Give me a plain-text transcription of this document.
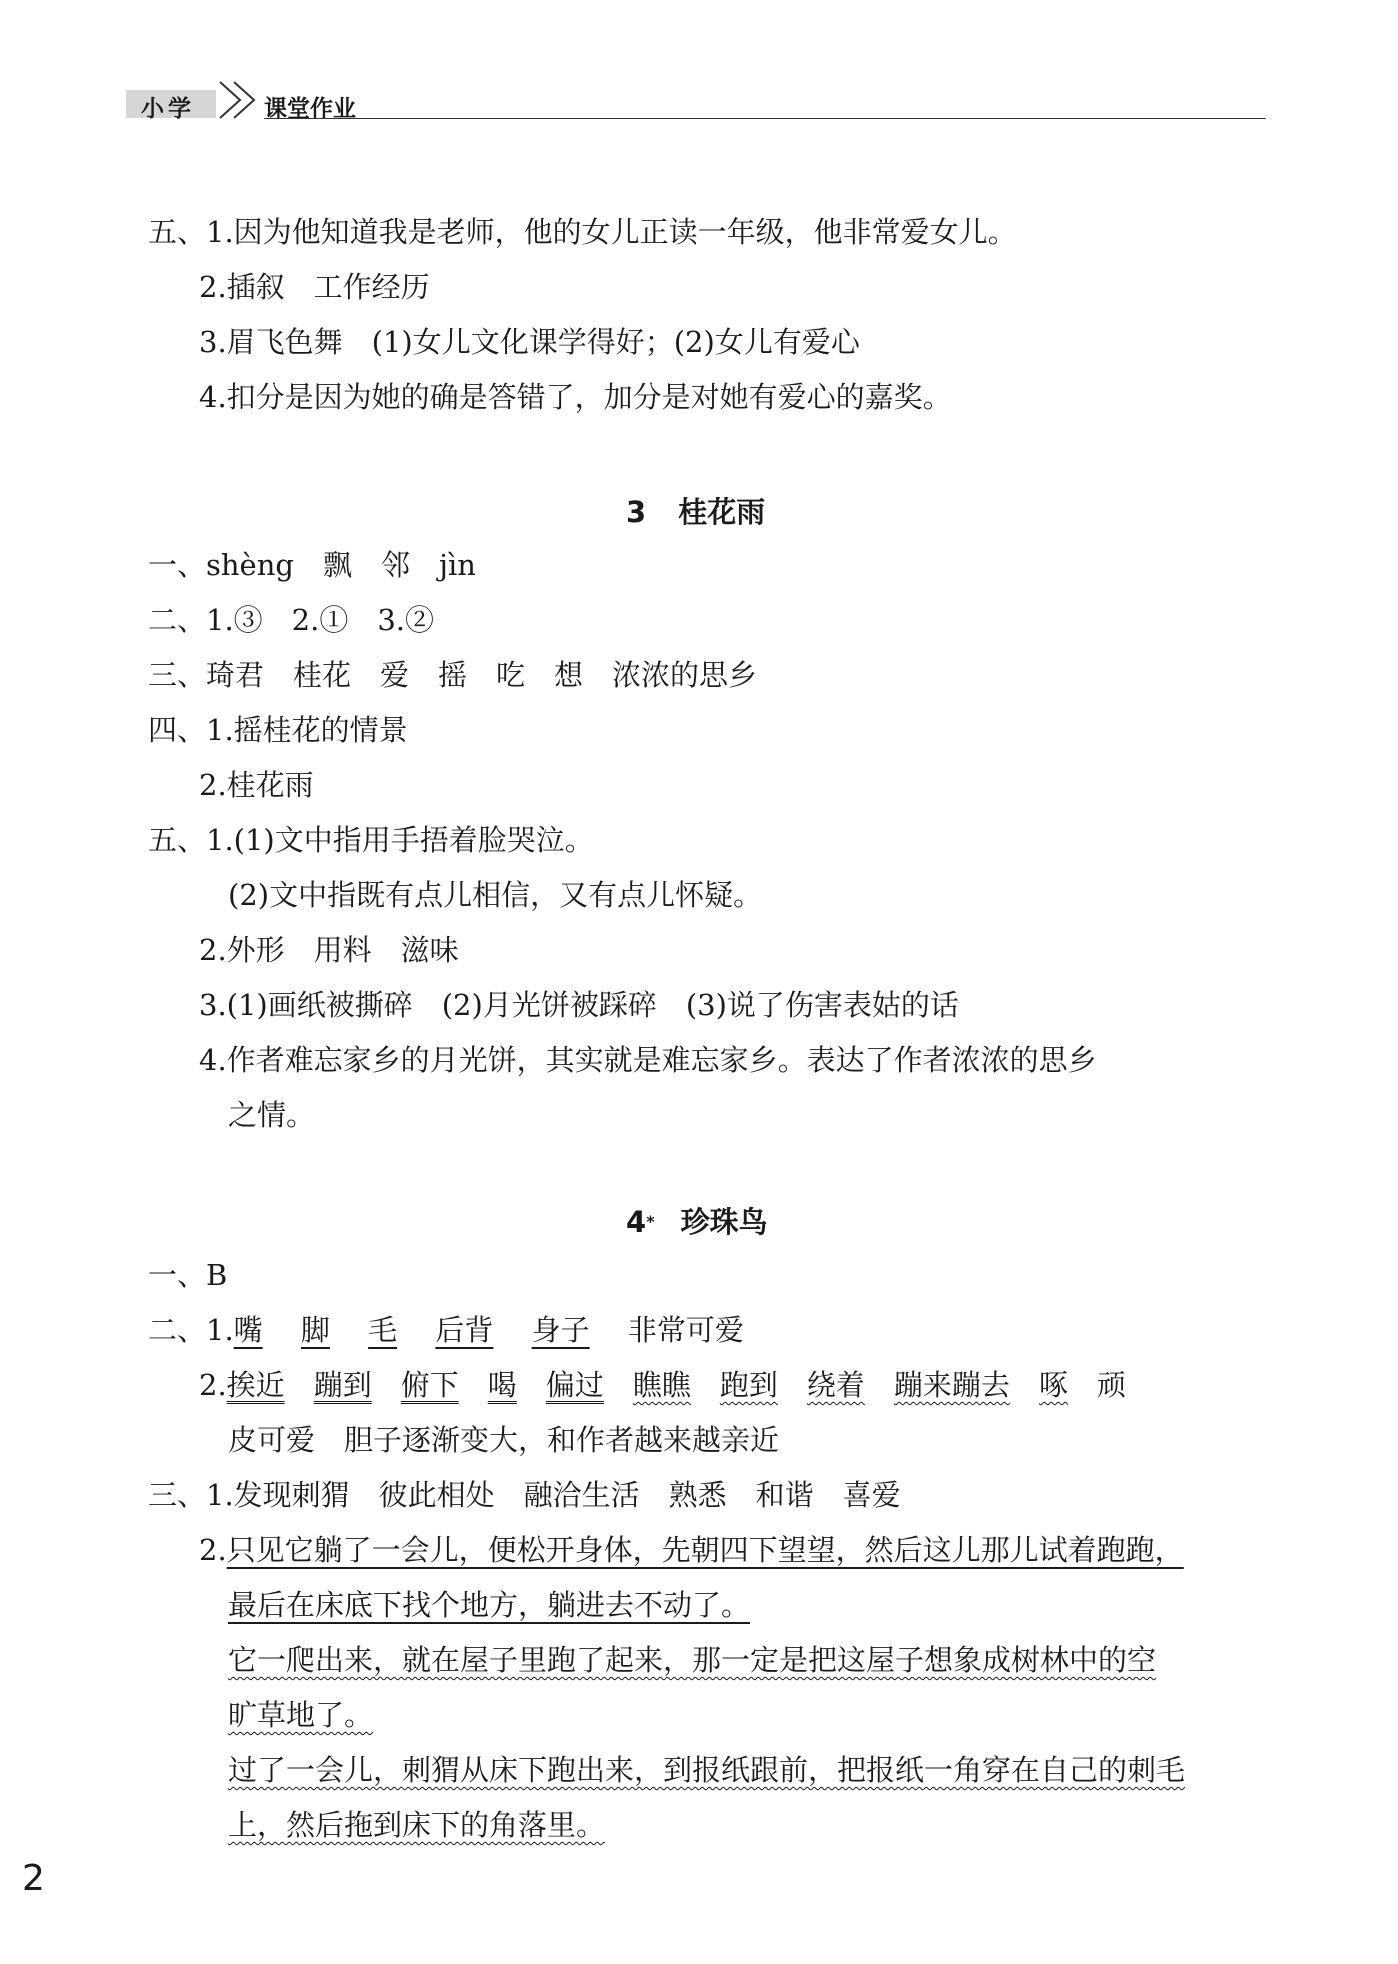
小学	课堂作业
五、1.因为他知道我是老师，他的女儿正读一年级，他非常爱女儿。
2.插叙　工作经历
3.眉飞色舞　(1)女儿文化课学得好；(2)女儿有爱心
4.扣分是因为她的确是答错了，加分是对她有爱心的嘉奖。
3 桂花雨
一、shèng　飘　邻　jìn
二、1.③　2.①　3.②
三、琦君　桂花　爱　摇　吃　想　浓浓的思乡
四、1.摇桂花的情景
2.桂花雨
五、1.(1)文中指用手捂着脸哭泣。
(2)文中指既有点儿相信，又有点儿怀疑。
2.外形　用料　滋味
3.(1)画纸被撕碎　(2)月光饼被踩碎　(3)说了伤害表姑的话
4.作者难忘家乡的月光饼，其实就是难忘家乡。表达了作者浓浓的思乡
之情。
4* 珍珠鸟
一、B
二、1.嘴　 脚　 毛　 后背　 身子　 非常可爱
2.挨近　 蹦到　 俯下　 喝　 偏过　 瞧瞧　 跑到　 绕着　 蹦来蹦去　 啄　 顽
皮可爱　胆子逐渐变大，和作者越来越亲近
三、1.发现刺猬　彼此相处　融洽生活　熟悉　和谐　喜爱
2.只见它躺了一会儿，便松开身体，先朝四下望望，然后这儿那儿试着跑跑，
最后在床底下找个地方，躺进去不动了。
它一爬出来，就在屋子里跑了起来，那一定是把这屋子想象成树林中的空
旷草地了。
过了一会儿，刺猬从床下跑出来，到报纸跟前，把报纸一角穿在自己的刺毛
上，然后拖到床下的角落里。
2
